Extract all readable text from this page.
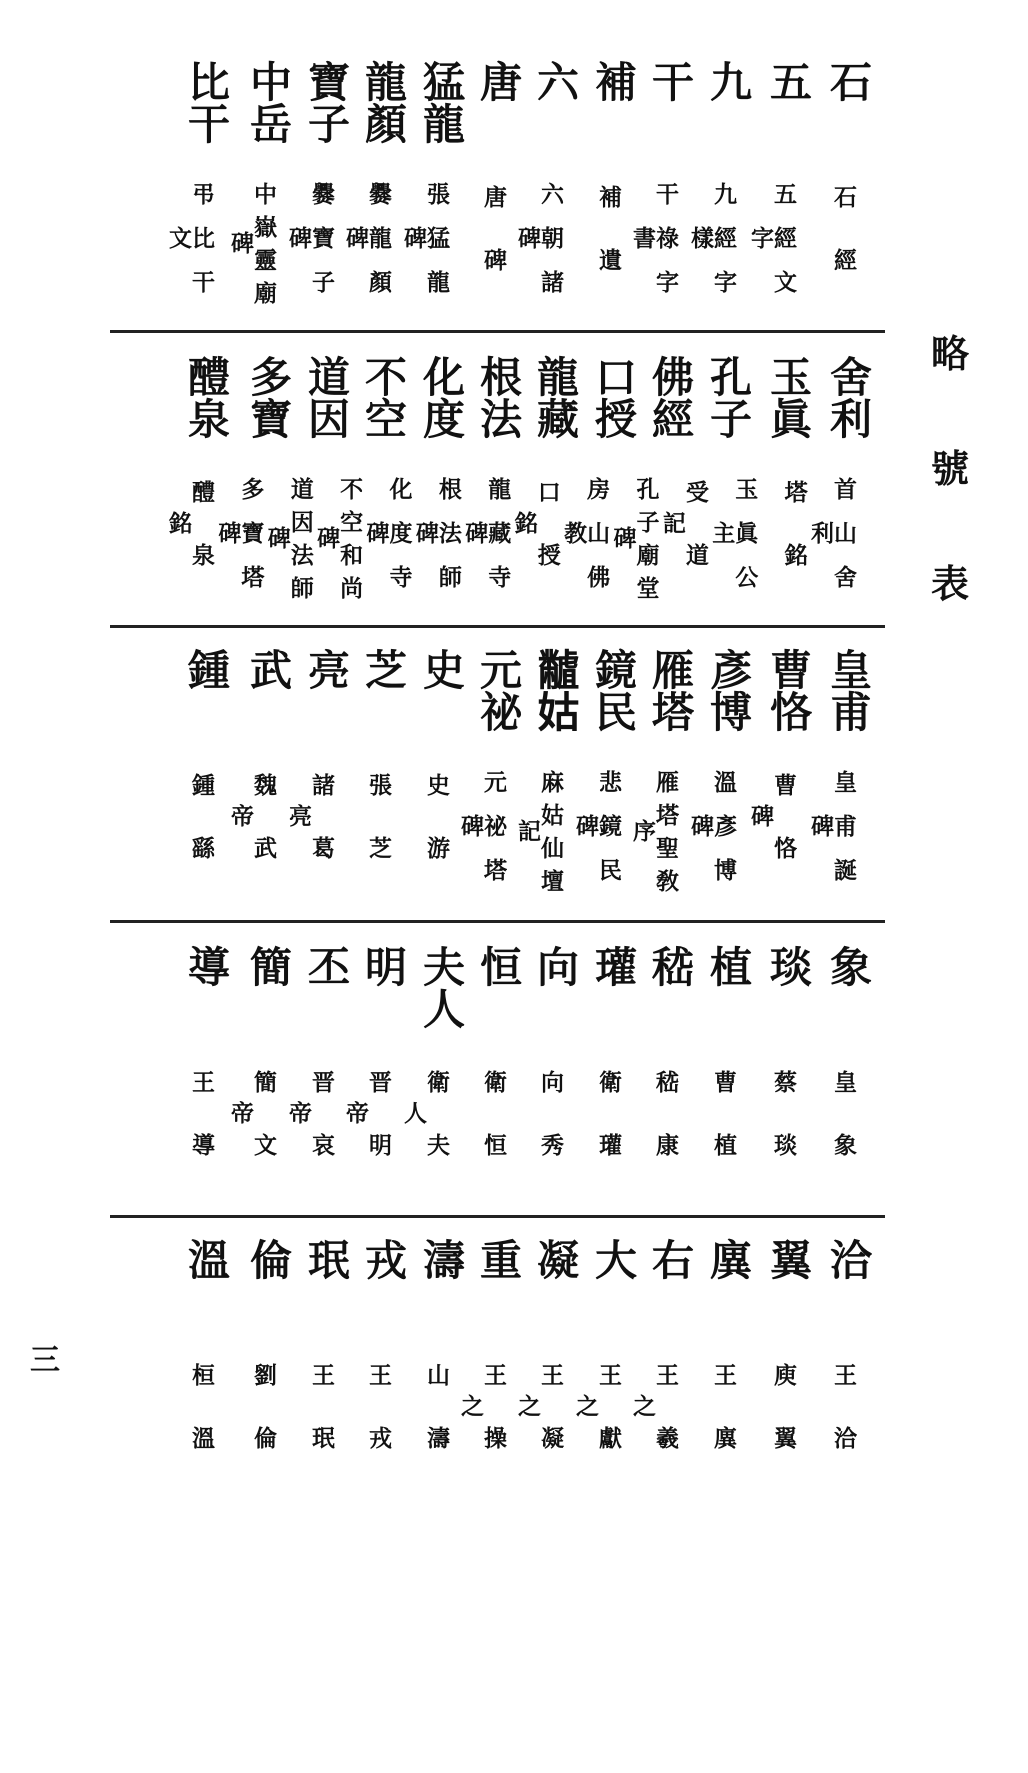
略
號
表
三
石
五
九
干
補
六
唐
猛龍
龍顏
寶子
中岳
比干
石經
五經文字
九經字樣
干祿字書
補遺
六朝諸碑
唐碑
張猛龍碑
爨龍顏碑
爨寶子碑
中嶽靈廟碑
弔比干文
舍利
玉眞
孔子
佛經
口授
龍藏
根法
化度
不空
道因
多寶
醴泉
首山舍利
塔銘
玉眞公主
受道記
孔子廟堂碑
房山佛教
口授銘
龍藏寺碑
根法師碑
化度寺碑
不空和尚碑
道因法師碑
多寶塔碑
醴泉銘
皇甫
曹恪
彥博
雁塔
鏡民
𪓐姑
元祕
史
芝
亮
武
鍾
皇甫誕碑
曹恪碑
溫彥博碑
雁塔聖敎序
悲鏡民碑
麻姑仙壇記
元祕塔碑
史游
張芝
諸葛亮
魏武帝
鍾繇
象
琰
植
嵇
瓘
向
恒
夫人
明
丕
簡
導
皇象
蔡琰
曹植
嵇康
衛瓘
向秀
衛恒
衛夫人
晋明帝
晋哀帝
簡文帝
王導
洽
翼
廙
右
大
凝
重
濤
戎
珉
倫
溫
王洽
庾翼
王廙
王羲之
王獻之
王凝之
王操之
山濤
王戎
王珉
劉倫
桓溫
